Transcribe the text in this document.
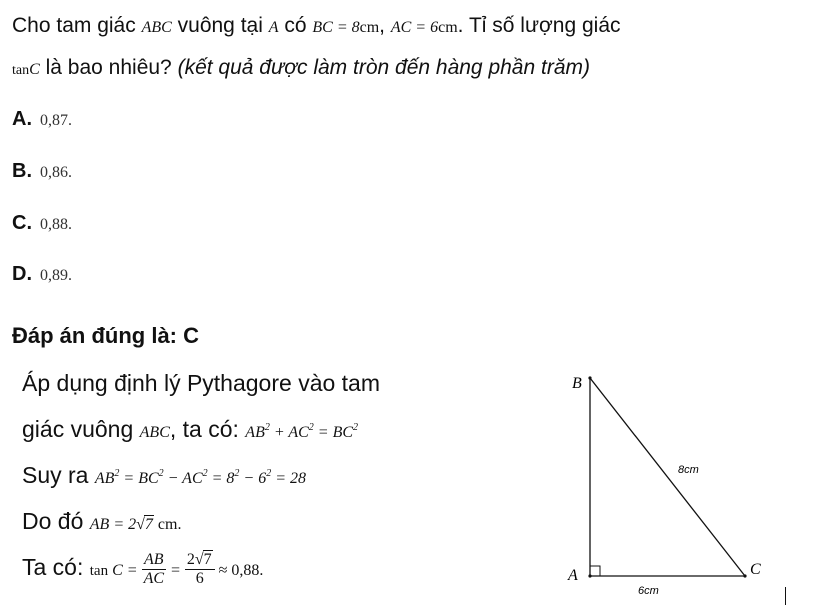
Cho tam giác ABC vuông tại A có BC = 8cm, AC = 6cm. Tỉ số lượng giác
tanC là bao nhiêu? (kết quả được làm tròn đến hàng phần trăm)
A. 0,87.
B. 0,86.
C. 0,88.
D. 0,89.
Đáp án đúng là: C
Áp dụng định lý Pythagore vào tam
giác vuông ABC, ta có: $AB^2 + AC^2 = BC^2$
Suy ra $AB^2 = BC^2 - AC^2 = 8^2 - 6^2 = 28$
Do đó AB = 2√7 cm.
Ta có: $\tan C = \frac{AB}{AC} = \frac{2√7}{6} \approx 0,88$.
B
A	C
8cm
6cm
